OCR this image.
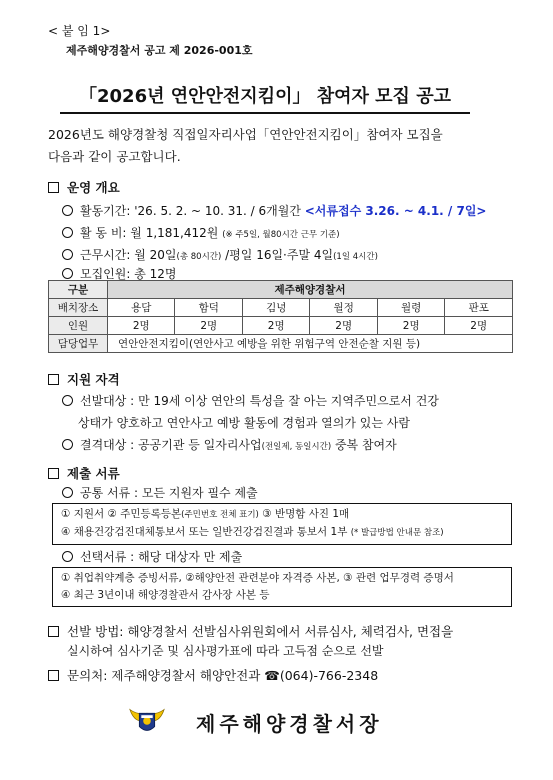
< 붙 임 1>
제주해양경찰서 공고 제 2026-001호
「2026년 연안안전지킴이」 참여자 모집 공고
2026년도 해양경찰청 직접일자리사업「연안안전지킴이」참여자 모집을
다음과 같이 공고합니다.
운영 개요
활동기간:
'26. 5. 2. ~ 10. 31. / 6개월간
<서류접수 3.26. ~ 4.1. / 7일>
활 동 비:
월 1,181,412원
(※ 주5일, 월80시간 근무 기준)
근무시간:
월 20일 (총 80시간)
/평일 16일·주말 4일 (1일 4시간)
모집인원:
총 12명
구분	제주해양경찰서					
배치장소	용담	함덕	김녕	월정	월령	판포
인원	2명	2명	2명	2명	2명	2명
담당업무	연안안전지킴이(연안사고 예방을 위한 위험구역 안전순찰 지원 등)					
지원 자격
선발대상 :
만 19세 이상 연안의 특성을 잘 아는 지역주민으로서 건강
상태가 양호하고 연안사고 예방 활동에 경험과 열의가 있는 사람
결격대상 :
공공기관 등 일자리사업 (전일제, 동일시간)
중복 참여자
제출 서류
공통 서류 :
모든 지원자 필수 제출
① 지원서 ② 주민등록등본(주민번호 전체 표기) ③ 반명함 사진 1매
④ 채용건강검진대체통보서 또는 일반건강검진결과 통보서 1부 (* 발급방법 안내문 참조)
선택서류 :
해당 대상자 만 제출
① 취업취약계층 증빙서류, ②해양안전 관련분야 자격증 사본, ③ 관련 업무경력 증명서
④ 최근 3년이내 해양경찰관서 감사장 사본 등
선발 방법:
해양경찰서 선발심사위원회에서 서류심사, 체력검사, 면접을
실시하여 심사기준 및 심사평가표에 따라 고득점 순으로 선발
문의처:
제주해양경찰서 해양안전과 ☎(064)-766-2348
제주해양경찰서장
